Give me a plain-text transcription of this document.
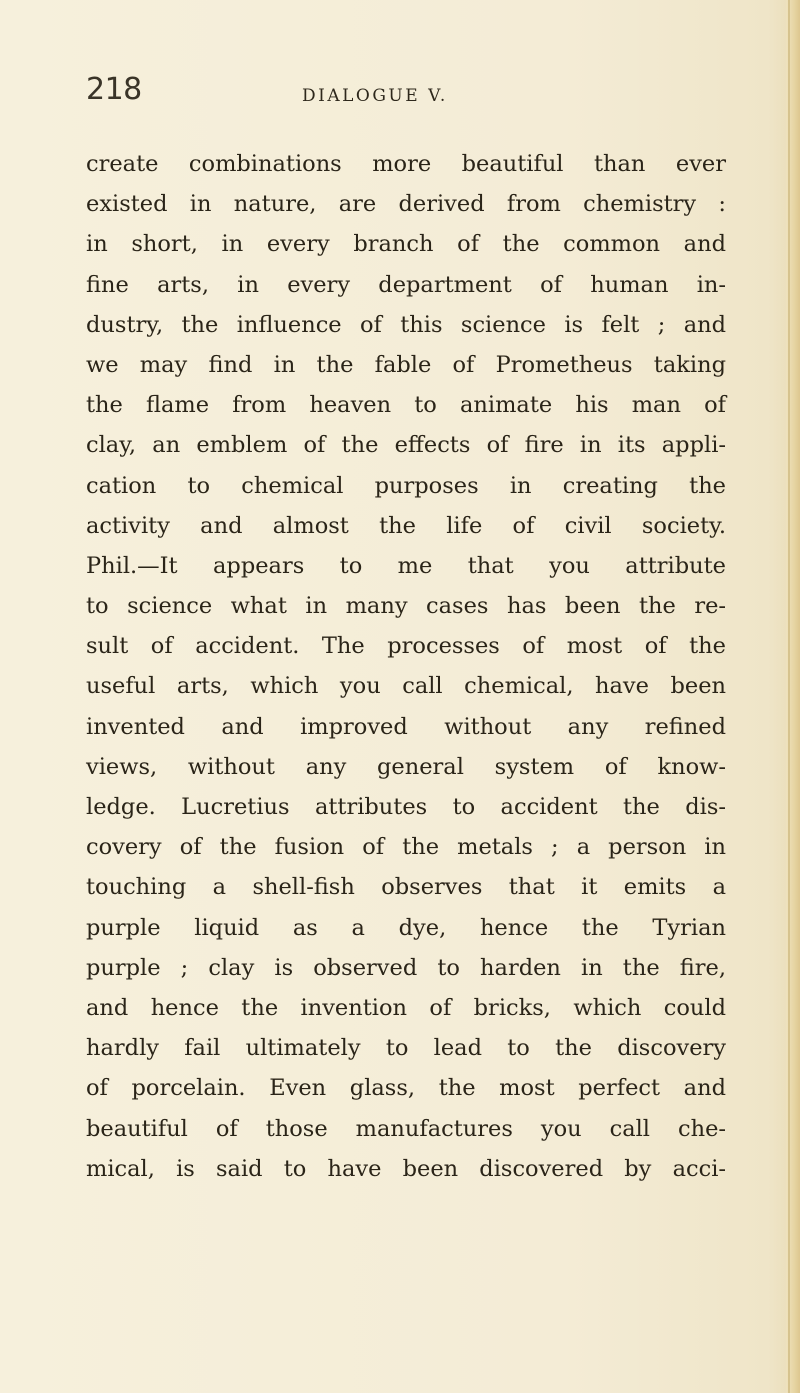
218	DIALOGUE V.
create combinations more beautiful than ever
existed in nature, are derived from chemistry :
in short, in every branch of the common and
fine arts, in every department of human in-
dustry, the influence of this science is felt ; and
we may find in the fable of Prometheus taking
the flame from heaven to animate his man of
clay, an emblem of the effects of fire in its appli-
cation to chemical purposes in creating the
activity and almost the life of civil society.
Phil.—It appears to me that you attribute
to science what in many cases has been the re-
sult of accident. The processes of most of the
useful arts, which you call chemical, have been
invented and improved without any refined
views, without any general system of know-
ledge. Lucretius attributes to accident the dis-
covery of the fusion of the metals ; a person in
touching a shell-fish observes that it emits a
purple liquid as a dye, hence the Tyrian
purple ; clay is observed to harden in the fire,
and hence the invention of bricks, which could
hardly fail ultimately to lead to the discovery
of porcelain. Even glass, the most perfect and
beautiful of those manufactures you call che-
mical, is said to have been discovered by acci-
